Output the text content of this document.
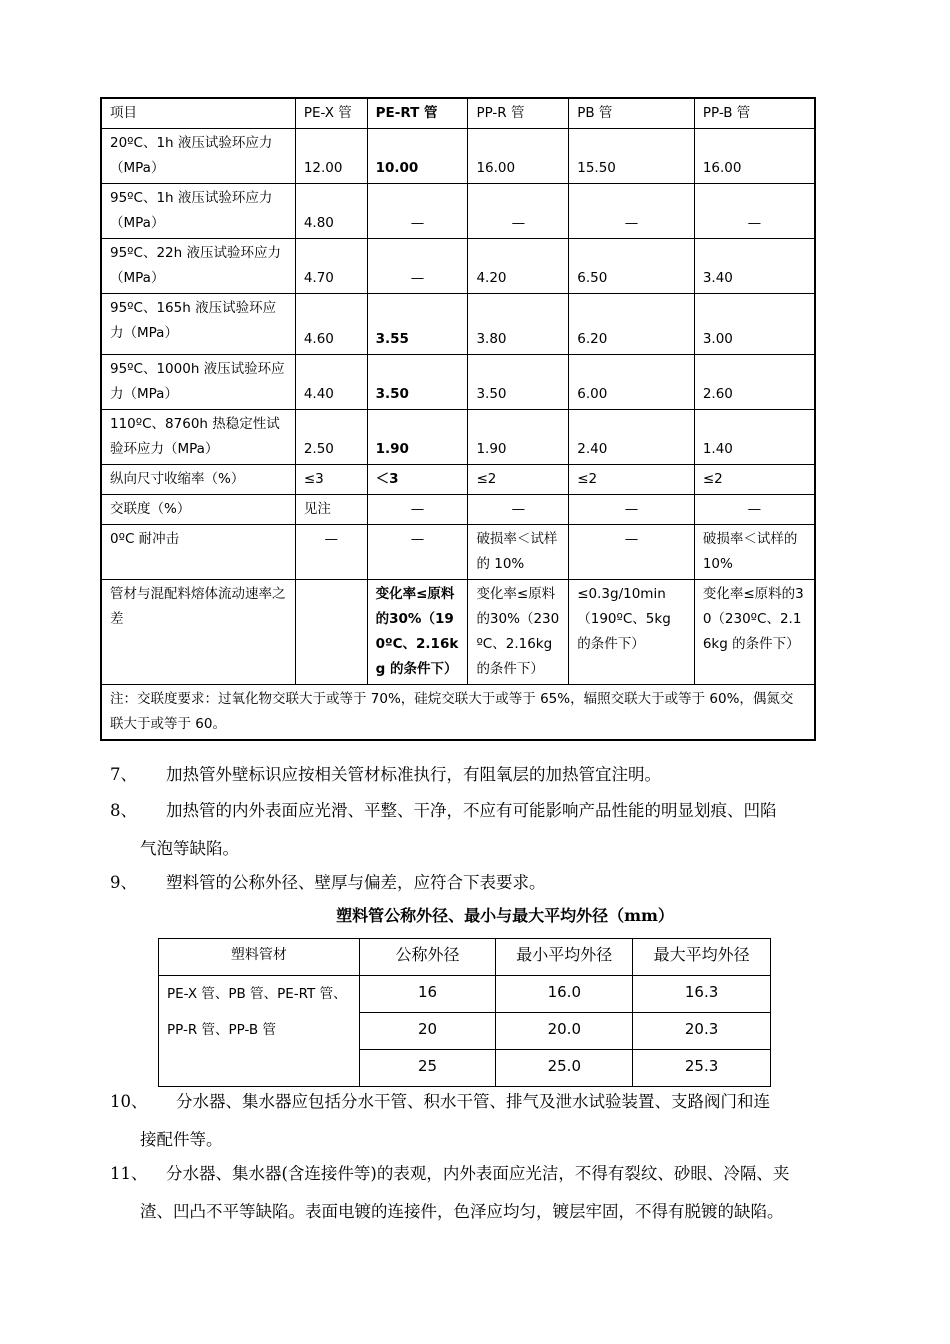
项目	PE-X 管	PE-RT 管	PP-R 管	PB 管	PP-B 管
20ºC、1h 液压试验环应力（MPa）	12.00	10.00	16.00	15.50	16.00
95ºC、1h 液压试验环应力（MPa）	4.80	—	—	—	—
95ºC、22h 液压试验环应力（MPa）	4.70	—	4.20	6.50	3.40
95ºC、165h 液压试验环应力（MPa）	4.60	3.55	3.80	6.20	3.00
95ºC、1000h 液压试验环应力（MPa）	4.40	3.50	3.50	6.00	2.60
110ºC、8760h 热稳定性试验环应力（MPa）	2.50	1.90	1.90	2.40	1.40
纵向尺寸收缩率（%）	≤3	＜3	≤2	≤2	≤2
交联度（%）	见注	—	—	—	—
0ºC 耐冲击	—	—	破损率＜试样的 10%	—	破损率＜试样的 10%
管材与混配料熔体流动速率之差		变化率≤原料的30%（190ºC、2.16kg 的条件下）	变化率≤原料的30%（230ºC、2.16kg 的条件下）	≤0.3g/10min（190ºC、5kg 的条件下）	变化率≤原料的30（230ºC、2.16kg 的条件下）
注：交联度要求：过氧化物交联大于或等于 70%，硅烷交联大于或等于 65%，辐照交联大于或等于 60%，偶氮交联大于或等于 60。					
7、 加热管外壁标识应按相关管材标准执行，有阻氧层的加热管宜注明。
8、 加热管的内外表面应光滑、平整、干净，不应有可能影响产品性能的明显划痕、凹陷
气泡等缺陷。
9、 塑料管的公称外径、壁厚与偏差，应符合下表要求。
塑料管公称外径、最小与最大平均外径（mm）
塑料管材	公称外径	最小平均外径	最大平均外径
PE-X 管、PB 管、PE-RT 管、PP-R 管、PP-B 管	16	16.0	16.3
	20	20.0	20.3
	25	25.0	25.3
10、 分水器、集水器应包括分水干管、积水干管、排气及泄水试验装置、支路阀门和连
接配件等。
11、 分水器、集水器(含连接件等)的表观，内外表面应光洁，不得有裂纹、砂眼、冷隔、夹
渣、凹凸不平等缺陷。表面电镀的连接件，色泽应均匀，镀层牢固，不得有脱镀的缺陷。
